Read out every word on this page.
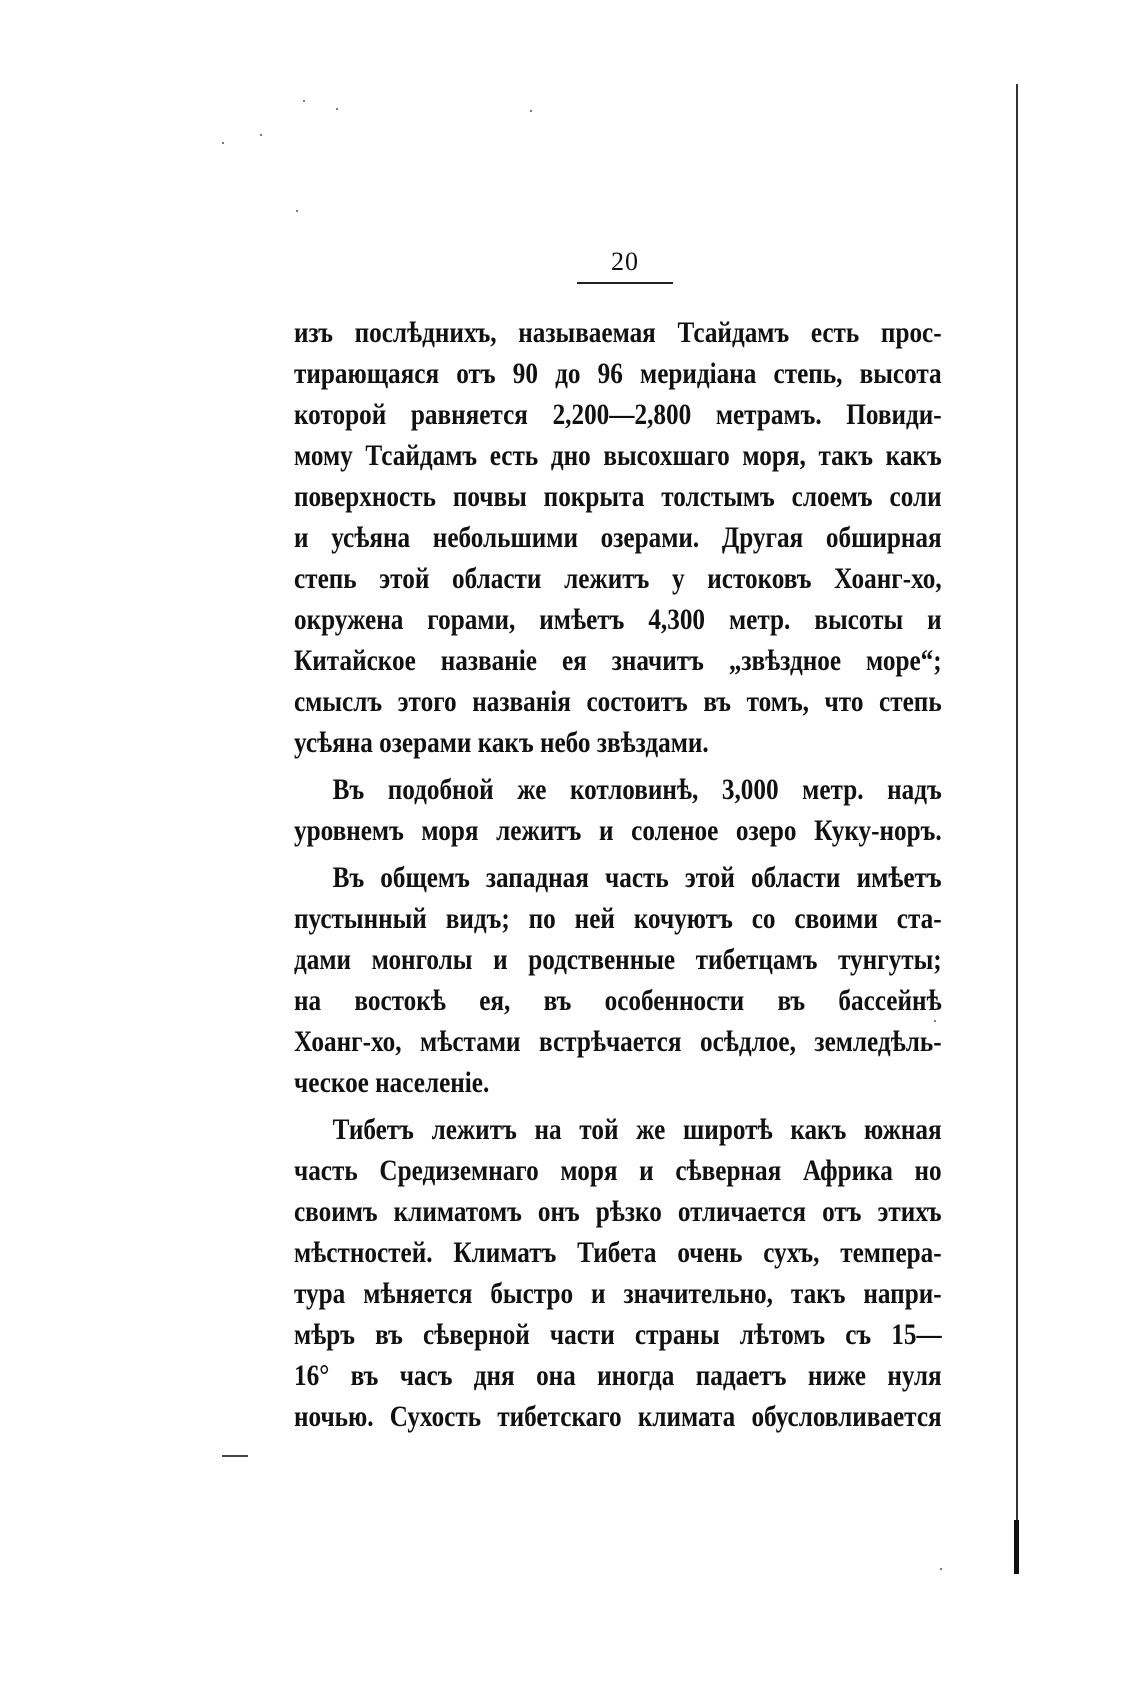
20
изъ послѣднихъ, называемая Тсайдамъ есть прос-
тирающаяся отъ 90 до 96 меридіана степь, высота
которой равняется 2,200—2,800 метрамъ. Повиди-
мому Тсайдамъ есть дно высохшаго моря, такъ какъ
поверхность почвы покрыта толстымъ слоемъ соли
и усѣяна небольшими озерами. Другая обширная
степь этой области лежитъ у истоковъ Хоанг-хо,
окружена горами, имѣетъ 4,300 метр. высоты и
Китайское названіе ея значитъ „звѣздное море“;
смыслъ этого названія состоитъ въ томъ, что степь
усѣяна озерами какъ небо звѣздами.
Въ подобной же котловинѣ, 3,000 метр. надъ
уровнемъ моря лежитъ и соленое озеро Куку-норъ.
Въ общемъ западная часть этой области имѣетъ
пустынный видъ; по ней кочуютъ со своими ста-
дами монголы и родственные тибетцамъ тунгуты;
на востокѣ ея, въ особенности въ бассейнѣ
Хоанг-хо, мѣстами встрѣчается осѣдлое, земледѣль-
ческое населеніе.
Тибетъ лежитъ на той же широтѣ какъ южная
часть Средиземнаго моря и сѣверная Африка но
своимъ климатомъ онъ рѣзко отличается отъ этихъ
мѣстностей. Климатъ Тибета очень сухъ, темпера-
тура мѣняется быстро и значительно, такъ напри-
мѣръ въ сѣверной части страны лѣтомъ съ 15—
16° въ часъ дня она иногда падаетъ ниже нуля
ночью. Сухость тибетскаго климата обусловливается
